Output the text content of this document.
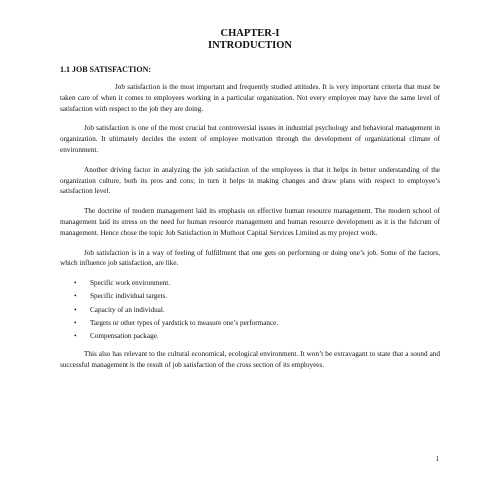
CHAPTER-I

INTRODUCTION

1.1 JOB SATISFACTION:

Job satisfaction is the most important and frequently studied attitudes. It is very important criteria that must be taken care of when it comes to employees working in a particular organization. Not every employee may have the same level of satisfaction with respect to the job they are doing.

Job satisfaction is one of the most crucial but controversial issues in industrial psychology and behavioral management in organization. It ultimately decides the extent of employee motivation through the development of organizational climate of environment.

Another driving factor in analyzing the job satisfaction of the employees is that it helps in better understanding of the organization culture, both its pros and cons; in turn it helps in making changes and draw plans with respect to employee’s satisfaction level.

The doctrine of modern management laid its emphasis on effective human resource management. The modern school of management laid its stress on the need for human resource management and human resource development as it is the fulcrum of management. Hence chose the topic Job Satisfaction in Muthoot Capital Services Limited as my project work.

Job satisfaction is in a way of feeling of fulfillment that one gets on performing or doing one’s job. Some of the factors, which influence job satisfaction, are like.

• Specific work environment.
• Specific individual targets.
• Capacity of an individual.
• Targets or other types of yardstick to measure one’s performance.
• Compensation package.

This also has relevant to the cultural economical, ecological environment. It won’t be extravagant to state that a sound and successful management is the result of job satisfaction of the cross section of its employees.

1
